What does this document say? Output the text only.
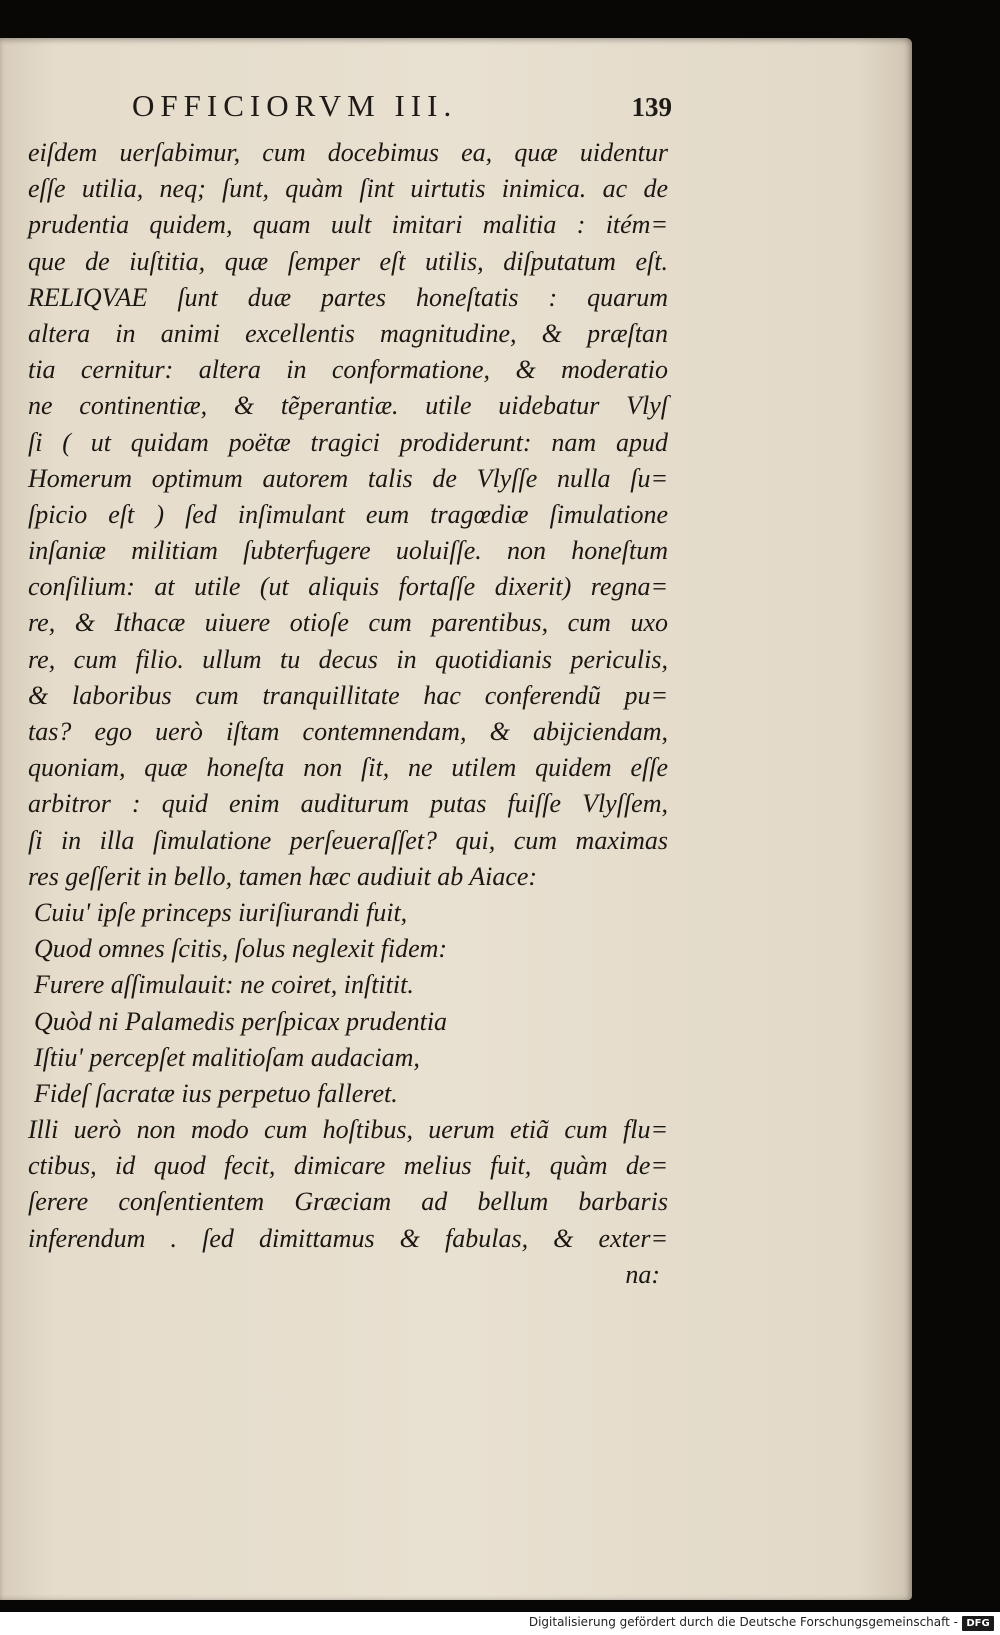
OFFICIORVM III.	139
eiſdem uerſabimur, cum docebimus ea, quæ uidentur
eſſe utilia, neq; ſunt, quàm ſint uirtutis inimica. ac de
prudentia quidem, quam uult imitari malitia : itém=
que de iuſtitia, quæ ſemper eſt utilis, diſputatum eſt.
RELIQVAE ſunt duæ partes honeſtatis : quarum
altera in animi excellentis magnitudine, & præſtan
tia cernitur: altera in conformatione, & moderatio
ne continentiæ, & tẽperantiæ. utile uidebatur Vlyſ
ſi ( ut quidam poëtæ tragici prodiderunt: nam apud
Homerum optimum autorem talis de Vlyſſe nulla ſu=
ſpicio eſt ) ſed inſimulant eum tragœdiæ ſimulatione
inſaniæ militiam ſubterfugere uoluiſſe. non honeſtum
conſilium: at utile (ut aliquis fortaſſe dixerit) regna=
re, & Ithacæ uiuere otioſe cum parentibus, cum uxo
re, cum filio. ullum tu decus in quotidianis periculis,
& laboribus cum tranquillitate hac conferendũ pu=
tas? ego uerò iſtam contemnendam, & abijciendam,
quoniam, quæ honeſta non ſit, ne utilem quidem eſſe
arbitror : quid enim auditurum putas fuiſſe Vlyſſem,
ſi in illa ſimulatione perſeueraſſet? qui, cum maximas
res geſſerit in bello, tamen hæc audiuit ab Aiace:
Cuiu' ipſe princeps iuriſiurandi fuit,
Quod omnes ſcitis, ſolus neglexit fidem:
Furere aſſimulauit: ne coiret, inſtitit.
Quòd ni Palamedis perſpicax prudentia
Iſtiu' percepſet malitioſam audaciam,
Fideſ ſacratæ ius perpetuo falleret.
Illi uerò non modo cum hoſtibus, uerum etiã cum flu=
ctibus, id quod fecit, dimicare melius fuit, quàm de=
ſerere conſentientem Græciam ad bellum barbaris
inferendum . ſed dimittamus & fabulas, & exter=
na:
Digitalisierung gefördert durch die Deutsche Forschungsgemeinschaft - DFG
